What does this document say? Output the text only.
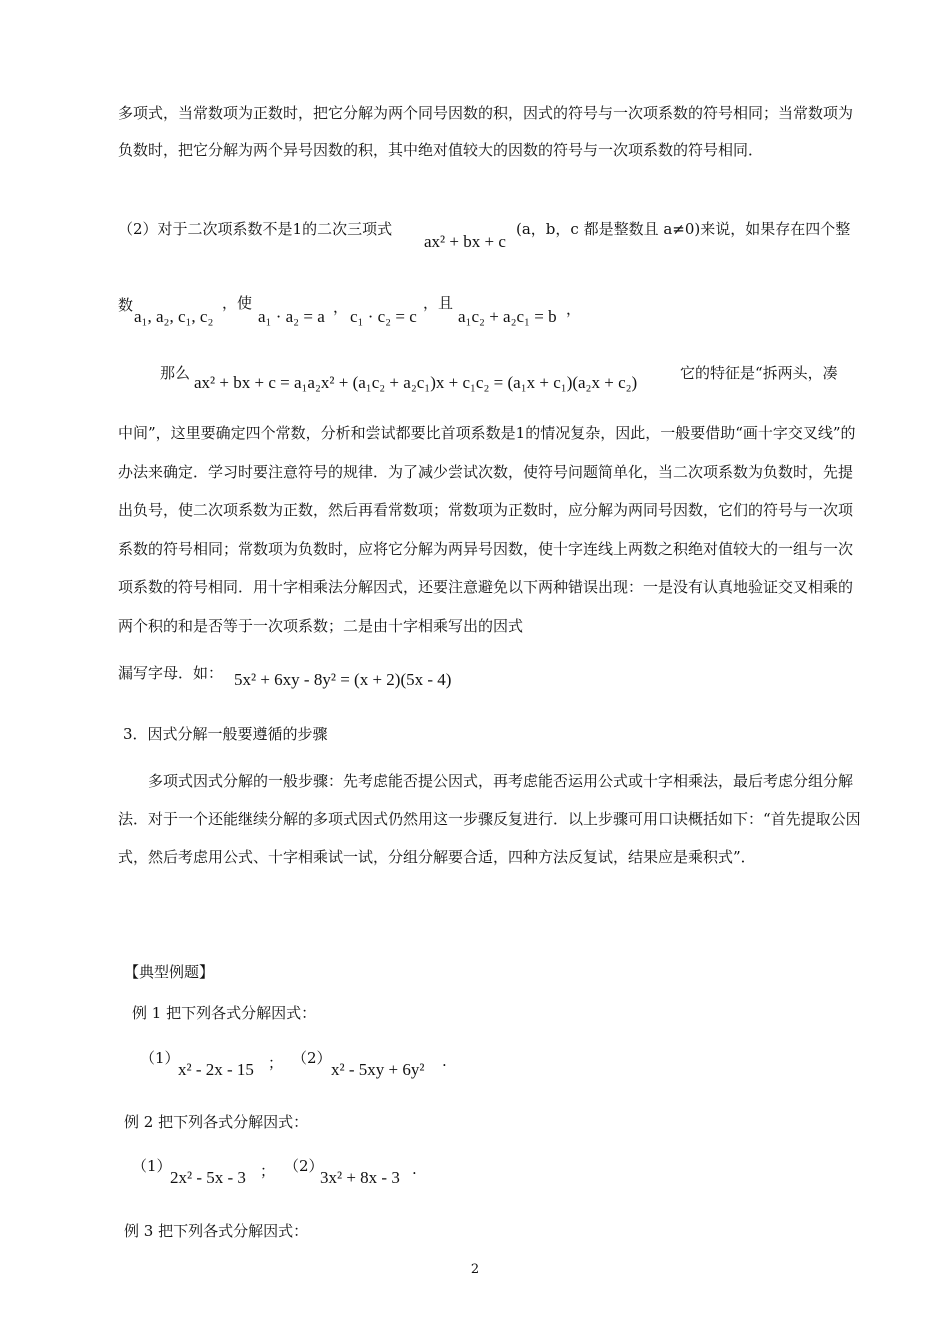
多项式，当常数项为正数时，把它分解为两个同号因数的积，因式的符号与一次项系数的符号相同；当常数项为负数时，把它分解为两个异号因数的积，其中绝对值较大的因数的符号与一次项系数的符号相同．
（2）对于二次项系数不是1的二次三项式
ax² + bx + c
(a，b，c 都是整数且 a≠0)来说，如果存在四个整
数
a₁, a₂, c₁, c₂
，使
a₁ · a₂ = a ， c₁ · c₂ = c
，且
a₁c₂ + a₂c₁ = b ，
那么 ax² + bx + c = a₁a₂x² + (a₁c₂ + a₂c₁)x + c₁c₂ = (a₁x + c₁)(a₂x + c₂)	它的特征是“拆两头，凑
中间”，这里要确定四个常数，分析和尝试都要比首项系数是1的情况复杂，因此，一般要借助“画十字交叉线”的办法来确定．学习时要注意符号的规律．为了减少尝试次数，使符号问题简单化，当二次项系数为负数时，先提出负号，使二次项系数为正数，然后再看常数项；常数项为正数时，应分解为两同号因数，它们的符号与一次项系数的符号相同；常数项为负数时，应将它分解为两异号因数，使十字连线上两数之积绝对值较大的一组与一次项系数的符号相同．用十字相乘法分解因式，还要注意避免以下两种错误出现：一是没有认真地验证交叉相乘的两个积的和是否等于一次项系数；二是由十字相乘写出的因式
漏写字母．如： 5x² + 6xy - 8y² = (x + 2)(5x - 4)
3．因式分解一般要遵循的步骤
多项式因式分解的一般步骤：先考虑能否提公因式，再考虑能否运用公式或十字相乘法，最后考虑分组分解法．对于一个还能继续分解的多项式因式仍然用这一步骤反复进行．以上步骤可用口诀概括如下：“首先提取公因式，然后考虑用公式、十字相乘试一试，分组分解要合适，四种方法反复试，结果应是乘积式”．
【典型例题】
例 1 把下列各式分解因式：
（1）
x² - 2x - 15 ； （2）
x² - 5xy + 6y² .
例 2 把下列各式分解因式：
（1）
2x² - 5x - 3 ； （2）
3x² + 8x - 3 .
例 3 把下列各式分解因式：
2
